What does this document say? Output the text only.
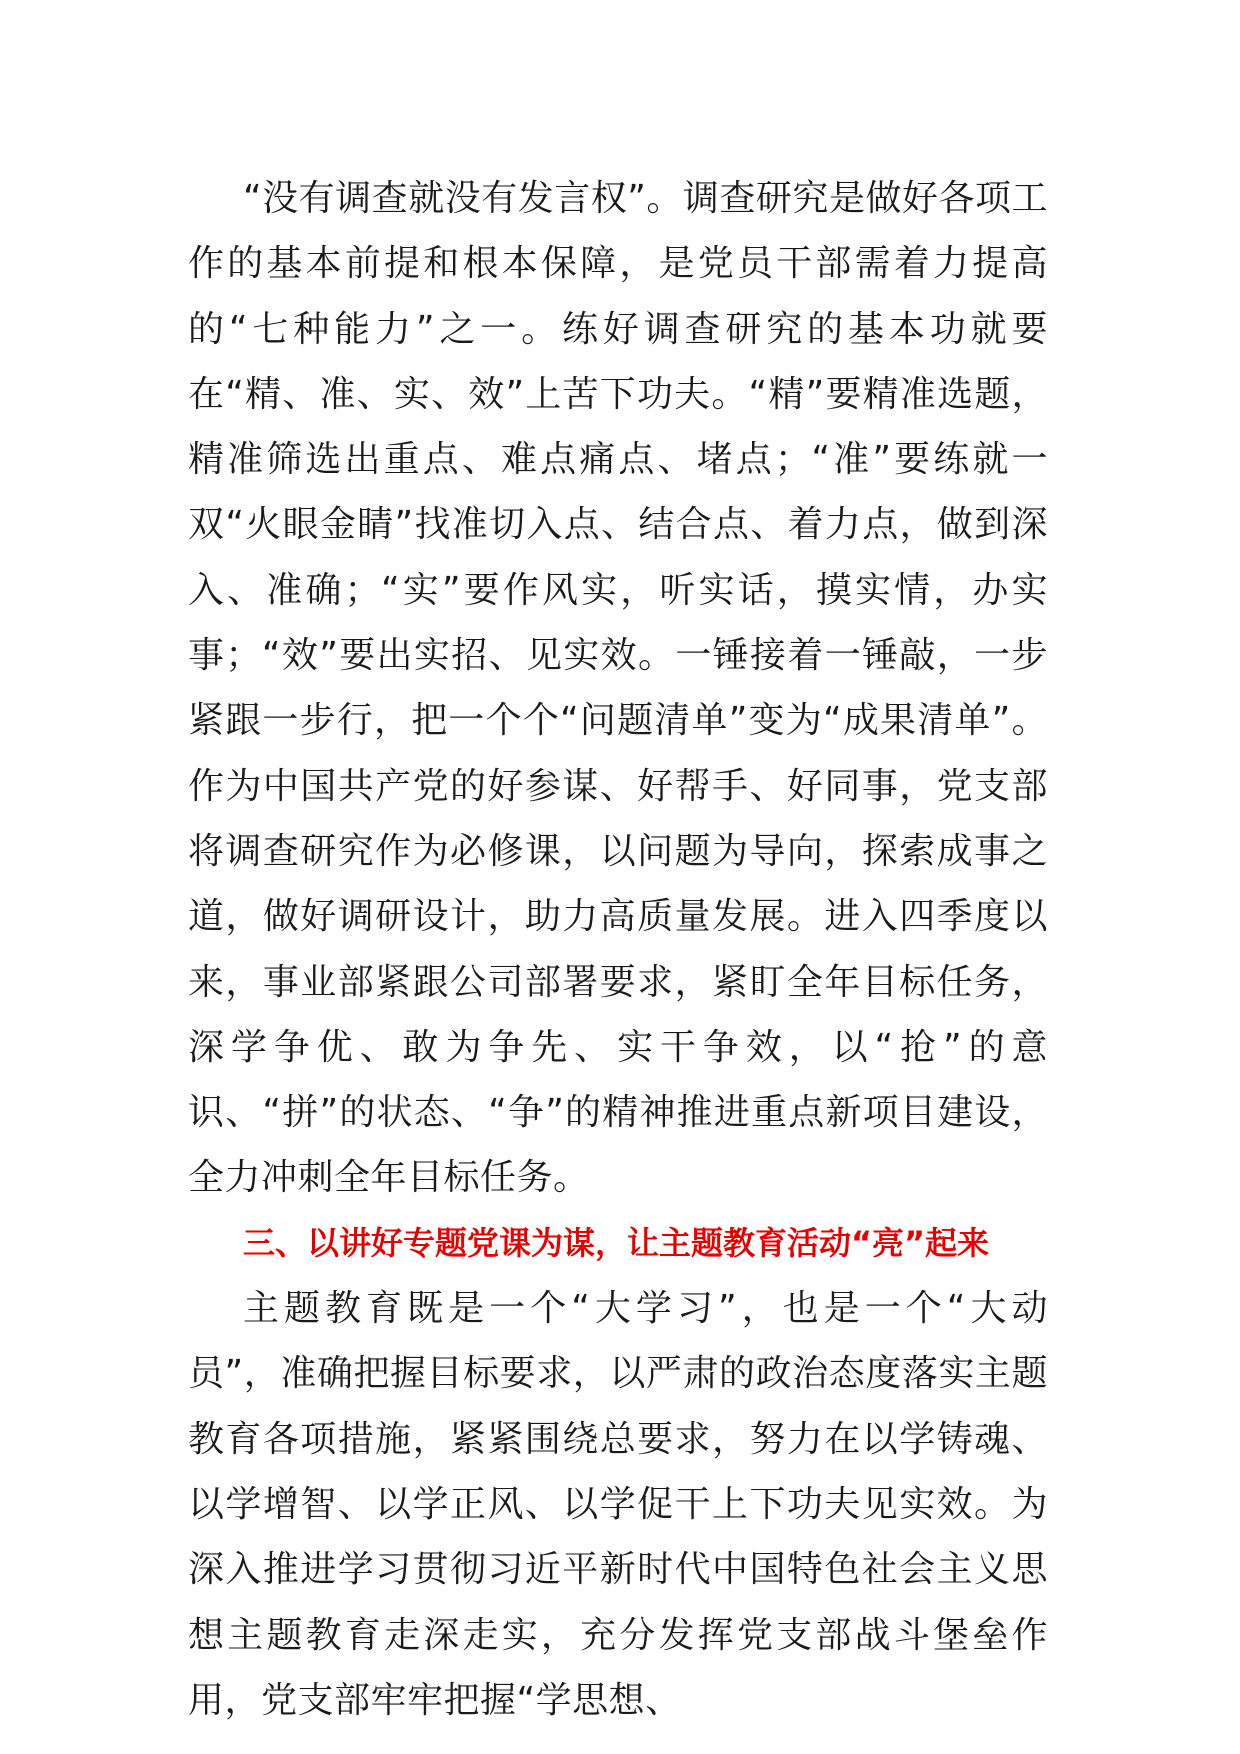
“没有调查就没有发言权”。调查研究是做好各项工作的基本前提和根本保障，是党员干部需着力提高的“七种能力”之一。练好调查研究的基本功就要在“精、准、实、效”上苦下功夫。“精”要精准选题，精准筛选出重点、难点痛点、堵点；“准”要练就一双“火眼金睛”找准切入点、结合点、着力点，做到深入、准确；“实”要作风实，听实话，摸实情，办实事；“效”要出实招、见实效。一锤接着一锤敲，一步紧跟一步行，把一个个“问题清单”变为“成果清单”。作为中国共产党的好参谋、好帮手、好同事，党支部将调查研究作为必修课，以问题为导向，探索成事之道，做好调研设计，助力高质量发展。进入四季度以来，事业部紧跟公司部署要求，紧盯全年目标任务，深学争优、敢为争先、实干争效，以“抢”的意识、“拼”的状态、“争”的精神推进重点新项目建设，全力冲刺全年目标任务。

三、以讲好专题党课为谋，让主题教育活动“亮”起来

主题教育既是一个“大学习”，也是一个“大动员”，准确把握目标要求，以严肃的政治态度落实主题教育各项措施，紧紧围绕总要求，努力在以学铸魂、以学增智、以学正风、以学促干上下功夫见实效。为深入推进学习贯彻习近平新时代中国特色社会主义思想主题教育走深走实，充分发挥党支部战斗堡垒作用，党支部牢牢把握“学思想、
